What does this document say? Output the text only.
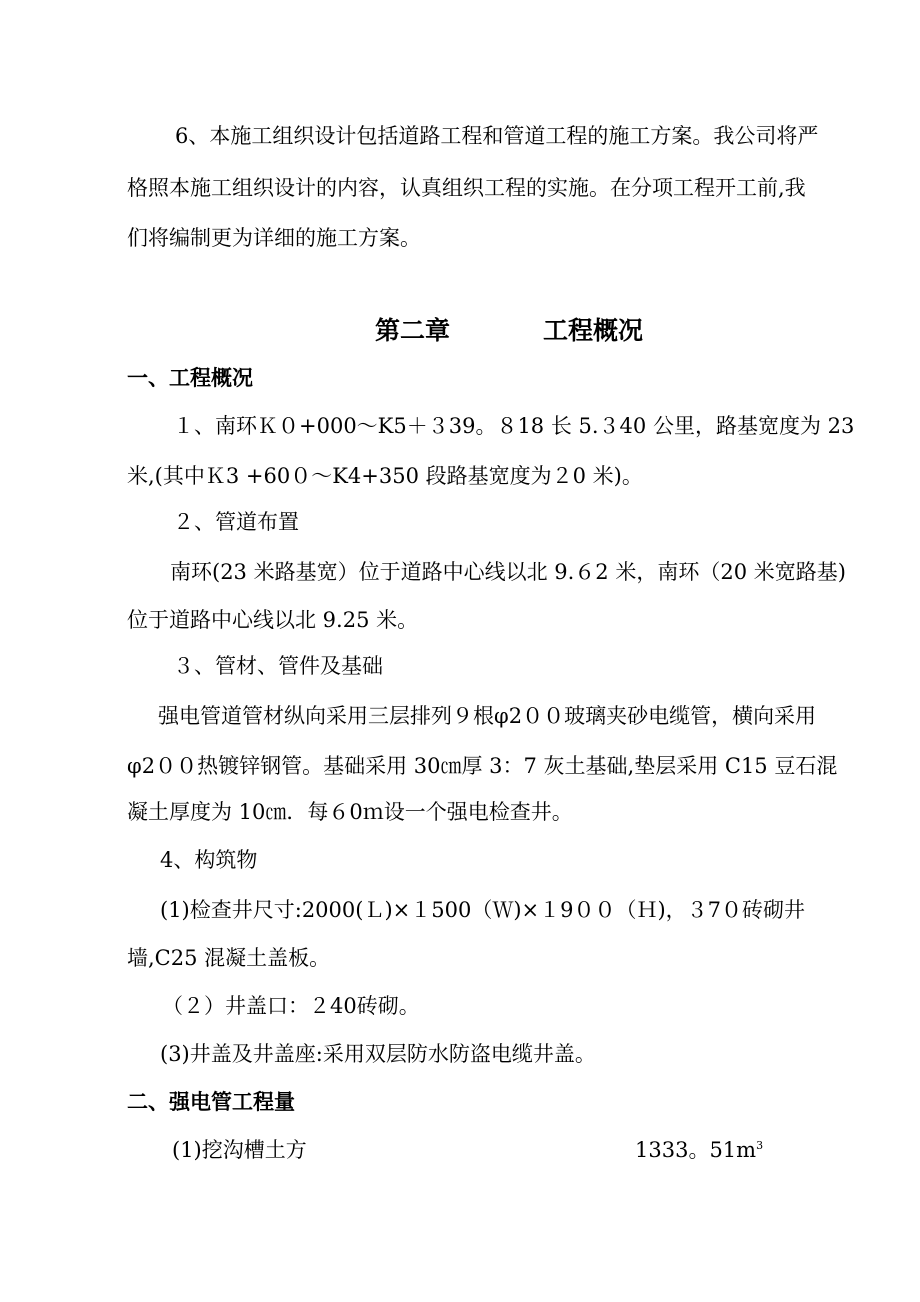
6、本施工组织设计包括道路工程和管道工程的施工方案。我公司将严
格照本施工组织设计的内容，认真组织工程的实施。在分项工程开工前,我
们将编制更为详细的施工方案。
第二章	工程概况
一、工程概况
１、南环Ｋ０+000～K5＋３39。８18 长 5.３40 公里，路基宽度为 23
米,(其中Ｋ3 +60０～K4+350 段路基宽度为２0 米)。
２、管道布置
南环(23 米路基宽）位于道路中心线以北 9.６2 米，南环（20 米宽路基)
位于道路中心线以北 9.25 米。
３、管材、管件及基础
强电管道管材纵向采用三层排列９根φ2００玻璃夹砂电缆管，横向采用
φ2００热镀锌钢管。基础采用 30㎝厚 3：7 灰土基础,垫层采用 C15 豆石混
凝土厚度为 10㎝．每６0ｍ设一个强电检查井。
4、构筑物
(1)检查井尺寸:2000(Ｌ)×１500（Ｗ)×１9００（Ｈ)，３7０砖砌井
墙,C25 混凝土盖板。
（２）井盖口：２40砖砌。
(3)井盖及井盖座:采用双层防水防盗电缆井盖。
二、强电管工程量
(1)挖沟槽土方	1333。$51m^3$
